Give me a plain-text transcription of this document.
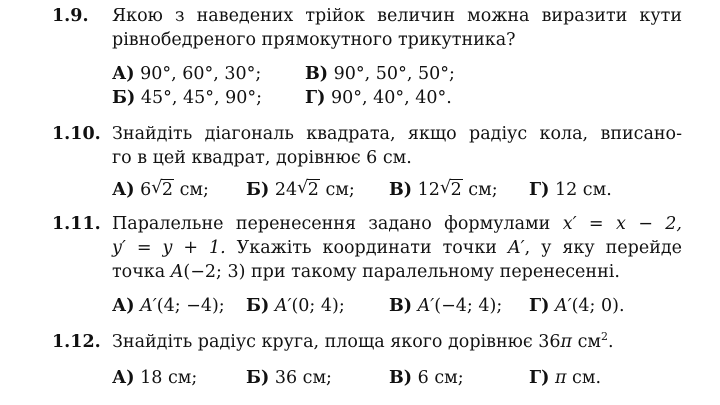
1.9. Якою з наведених трійок величин можна виразити кути
рівнобедреного прямокутного трикутника?
А) 90°, 60°, 30°; В) 90°, 50°, 50°;
Б) 45°, 45°, 90°; Г) 90°, 40°, 40°.
1.10. Знайдіть діагональ квадрата, якщо радіус кола, вписано-
го в цей квадрат, дорівнює 6 см.
А) 6 √ 2 см; Б) 24 √ 2 см; В) 12 √ 2 см; Г) 12 см.
1.11. Паралельне перенесення задано формулами x′ = x − 2,
y′ = y + 1. Укажіть координати точки A′, у яку перейде
точка A(−2; 3) при такому паралельному перенесенні.
А) A′(4; −4); Б) A′(0; 4);	В) A′(−4; 4); Г) A′(4; 0).
1.12. Знайдіть радіус круга, площа якого дорівнює 36π $см^2$.
А) 18 см;	Б) 36 см;	В) 6 см;	Г) π см.
